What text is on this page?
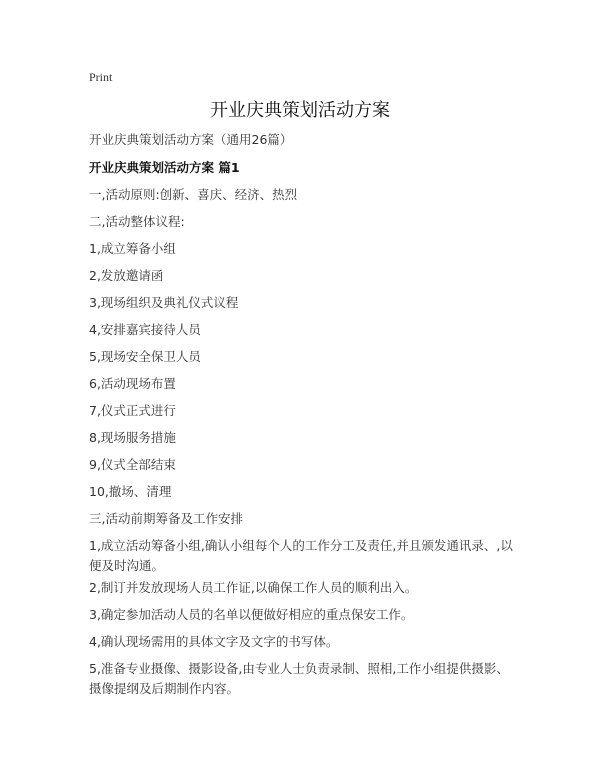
Print
开业庆典策划活动方案
开业庆典策划活动方案（通用26篇）
开业庆典策划活动方案 篇1
一,活动原则:创新、喜庆、经济、热烈
二,活动整体议程:
1,成立筹备小组
2,发放邀请函
3,现场组织及典礼仪式议程
4,安排嘉宾接待人员
5,现场安全保卫人员
6,活动现场布置
7,仪式正式进行
8,现场服务措施
9,仪式全部结束
10,撤场、清理
三,活动前期筹备及工作安排
1,成立活动筹备小组,确认小组每个人的工作分工及责任,并且颁发通讯录、,以便及时沟通。
2,制订并发放现场人员工作证,以确保工作人员的顺利出入。
3,确定参加活动人员的名单以便做好相应的重点保安工作。
4,确认现场需用的具体文字及文字的书写体。
5,准备专业摄像、摄影设备,由专业人士负责录制、照相,工作小组提供摄影、摄像提纲及后期制作内容。
